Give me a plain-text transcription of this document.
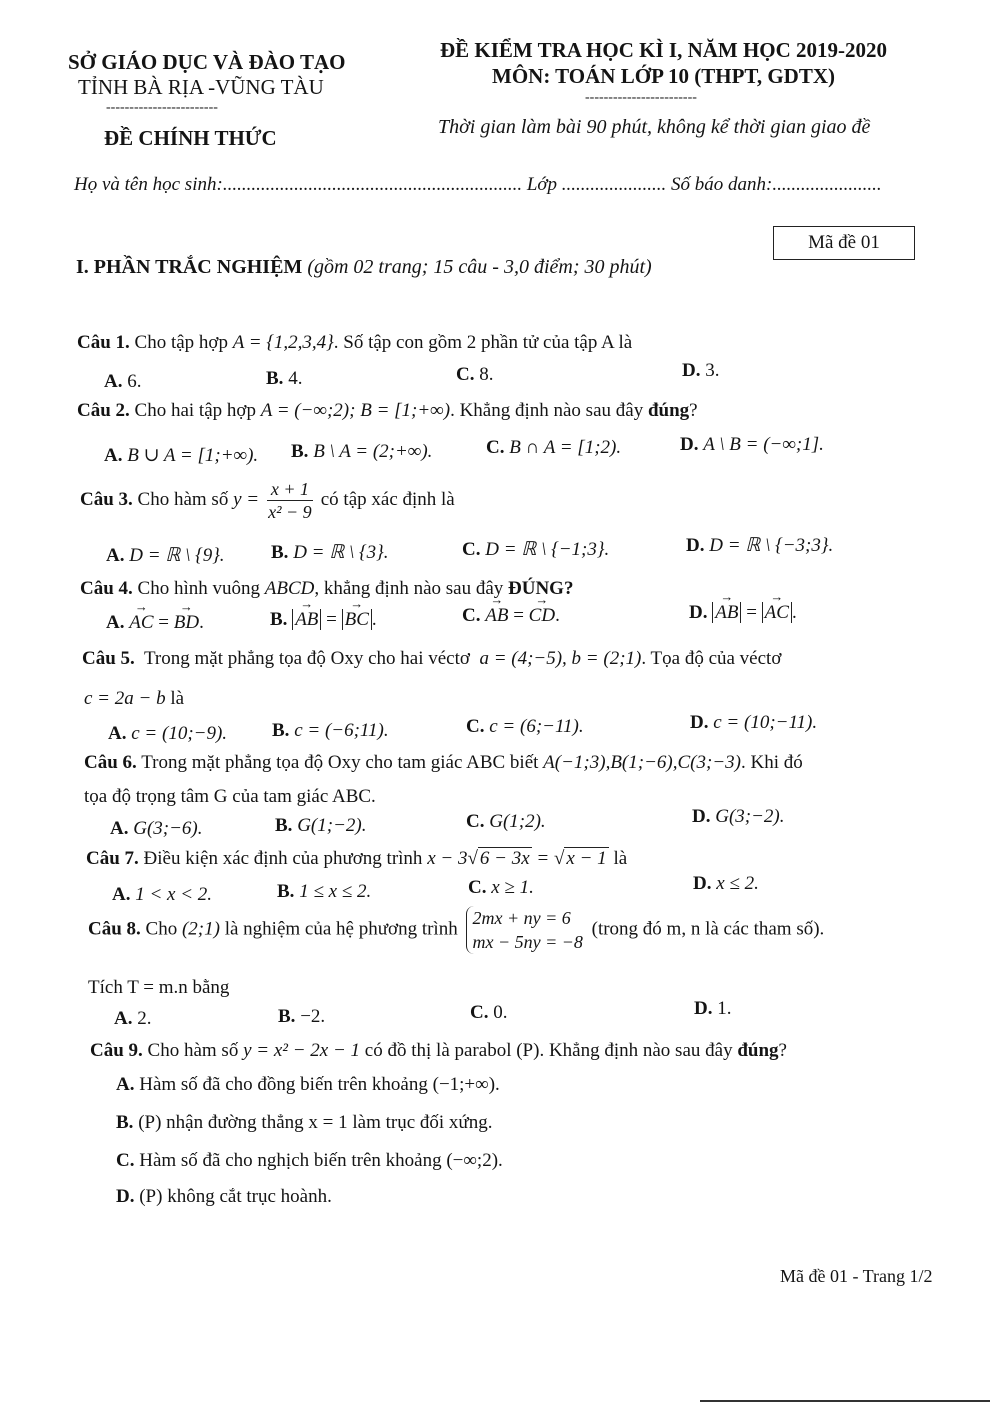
SỞ GIÁO DỤC VÀ ĐÀO TẠO
TỈNH BÀ RỊA -VŨNG TÀU
------------------------
ĐỀ CHÍNH THỨC
ĐỀ KIỂM TRA HỌC KÌ I, NĂM HỌC 2019-2020
MÔN: TOÁN LỚP 10 (THPT, GDTX)
------------------------
Thời gian làm bài 90 phút, không kể thời gian giao đề
Họ và tên học sinh:............................................................... Lớp ...................... Số báo danh:.......................
Mã đề 01
I. PHẦN TRẮC NGHIỆM (gồm 02 trang; 15 câu - 3,0 điểm; 30 phút)
Câu 1. Cho tập hợp A = {1,2,3,4}. Số tập con gồm 2 phần tử của tập A là
A. 6.	B. 4.	C. 8.	D. 3.
Câu 2. Cho hai tập hợp A = (−∞;2); B = [1;+∞). Khẳng định nào sau đây đúng?
A. B ∪ A = [1;+∞). B. B \ A = (2;+∞).	C. B ∩ A = [1;2).	D. A \ B = (−∞;1].
Câu 3. Cho hàm số $y = \frac{x + 1}{\text{x² − 9}}$ có tập xác định là
A. D = ℝ \ {9}. B. D = ℝ \ {3}.	C. D = ℝ \ {−1;3}.	D. D = ℝ \ {−3;3}.
Câu 4. Cho hình vuông ABCD, khẳng định nào sau đây ĐÚNG?
A. → AC = → BD.	B. → AB = → BC .	C. → AB = → CD.	D. → AB = → AC .
Câu 5. Trong mặt phẳng tọa độ Oxy cho hai véctơ a = (4;−5), b = (2;1). Tọa độ của véctơ
c = 2a − b là
A. c = (10;−9). B. c = (−6;11).	C. c = (6;−11).	D. c = (10;−11).
Câu 6. Trong mặt phẳng tọa độ Oxy cho tam giác ABC biết A(−1;3),B(1;−6),C(3;−3). Khi đó
tọa độ trọng tâm G của tam giác ABC.
A. G(3;−6).	B. G(1;−2).	C. G(1;2).	D. G(3;−2).
Câu 7. Điều kiện xác định của phương trình x − 3√ 6 − 3x = √ x − 1 là
A. 1 < x < 2.	B. 1 ≤ x ≤ 2.	C. x ≥ 1.	D. x ≤ 2.
Câu 8. Cho (2;1) là nghiệm của hệ phương trình
2mx + ny = 6
mx − 5ny = −8
(trong đó m, n là các tham số).
Tích T = m.n bằng
A. 2.	B. −2.	C. 0.	D. 1.
Câu 9. Cho hàm số y = x² − 2x − 1 có đồ thị là parabol (P). Khẳng định nào sau đây đúng?
A. Hàm số đã cho đồng biến trên khoảng (−1;+∞).
B. (P) nhận đường thẳng x = 1 làm trục đối xứng.
C. Hàm số đã cho nghịch biến trên khoảng (−∞;2).
D. (P) không cắt trục hoành.
Mã đề 01 - Trang 1/2
